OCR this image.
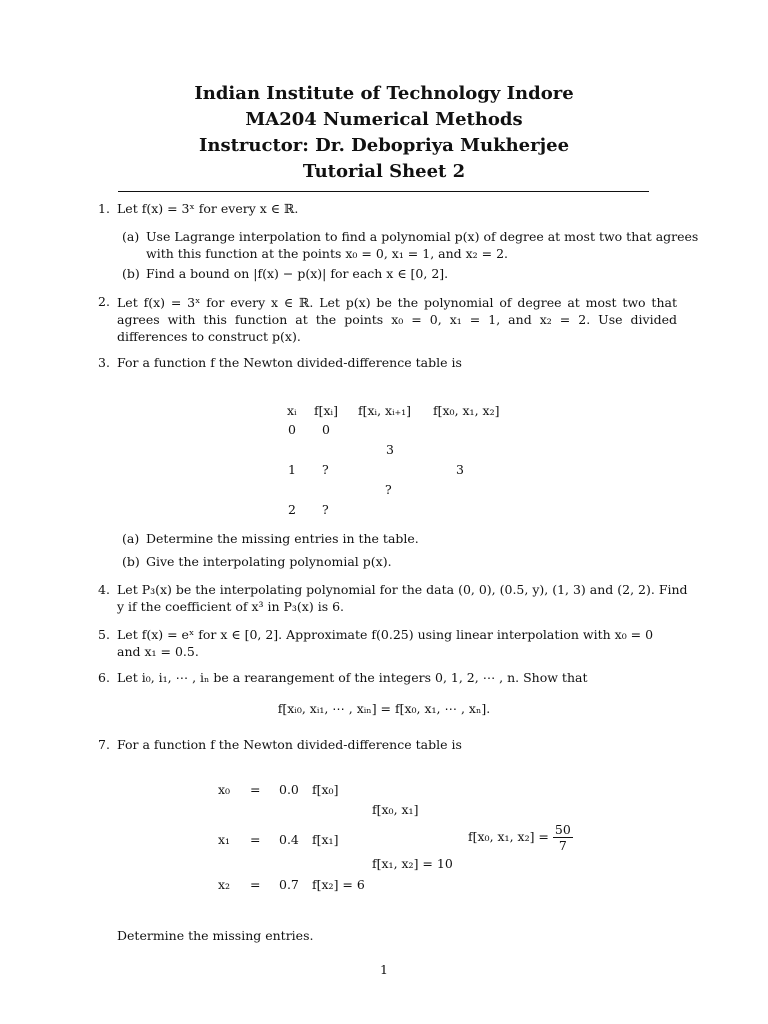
Indian Institute of Technology Indore
MA204 Numerical Methods
Instructor: Dr. Debopriya Mukherjee
Tutorial Sheet 2
1. Let f(x) = 3ˣ for every x ∈ ℝ.
(a) Use Lagrange interpolation to find a polynomial p(x) of degree at most two that agrees
with this function at the points x₀ = 0, x₁ = 1, and x₂ = 2.
(b) Find a bound on |f(x) − p(x)| for each x ∈ [0, 2].
2. Let f(x) = 3ˣ for every x ∈ ℝ. Let p(x) be the polynomial of degree at most two that agrees with this function at the points x₀ = 0, x₁ = 1, and x₂ = 2. Use divided differences to construct p(x).
3. For a function f the Newton divided-difference table is
xᵢ f[xᵢ] f[xᵢ, xᵢ₊₁] f[x₀, x₁, x₂]
0 0
3
1 ?	3
?
2 ?
(a) Determine the missing entries in the table.
(b) Give the interpolating polynomial p(x).
4. Let P₃(x) be the interpolating polynomial for the data (0, 0), (0.5, y), (1, 3) and (2, 2). Find
y if the coefficient of x³ in P₃(x) is 6.
5. Let f(x) = eˣ for x ∈ [0, 2]. Approximate f(0.25) using linear interpolation with x₀ = 0
and x₁ = 0.5.
6. Let i₀, i₁, ⋯ , iₙ be a rearangement of the integers 0, 1, 2, ⋯ , n. Show that
f[xᵢ₀, xᵢ₁, ⋯ , xᵢₙ] = f[x₀, x₁, ⋯ , xₙ].
7. For a function f the Newton divided-difference table is
x₀ = 0.0 f[x₀]
f[x₀, x₁]
x₁ = 0.4 f[x₁]	f[x₀, x₁, $x_2] = \frac{50}{7}$
f[x₁, x₂] = 10
x₂ = 0.7 f[x₂] = 6
Determine the missing entries.
1
